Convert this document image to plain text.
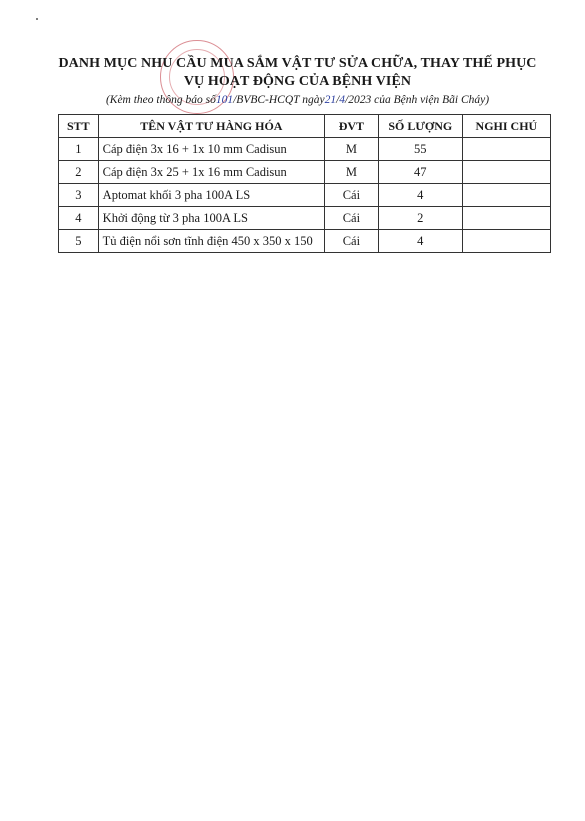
DANH MỤC NHU CẦU MUA SẮM VẬT TƯ SỬA CHỮA, THAY THẾ PHỤC
VỤ HOẠT ĐỘNG CỦA BỆNH VIỆN
(Kèm theo thông báo số101/BVBC-HCQT ngày21/4/2023 của Bệnh viện Bãi Cháy)
STT	TÊN VẬT TƯ HÀNG HÓA	ĐVT	SỐ LƯỢNG	NGHI CHÚ
1	Cáp điện 3x 16 + 1x 10 mm Cadisun	M	55	
2	Cáp điện 3x 25 + 1x 16 mm Cadisun	M	47	
3	Aptomat khối 3 pha 100A LS	Cái	4	
4	Khởi động từ 3 pha 100A LS	Cái	2	
5	Tủ điện nổi sơn tĩnh điện 450 x 350 x 150	Cái	4	
